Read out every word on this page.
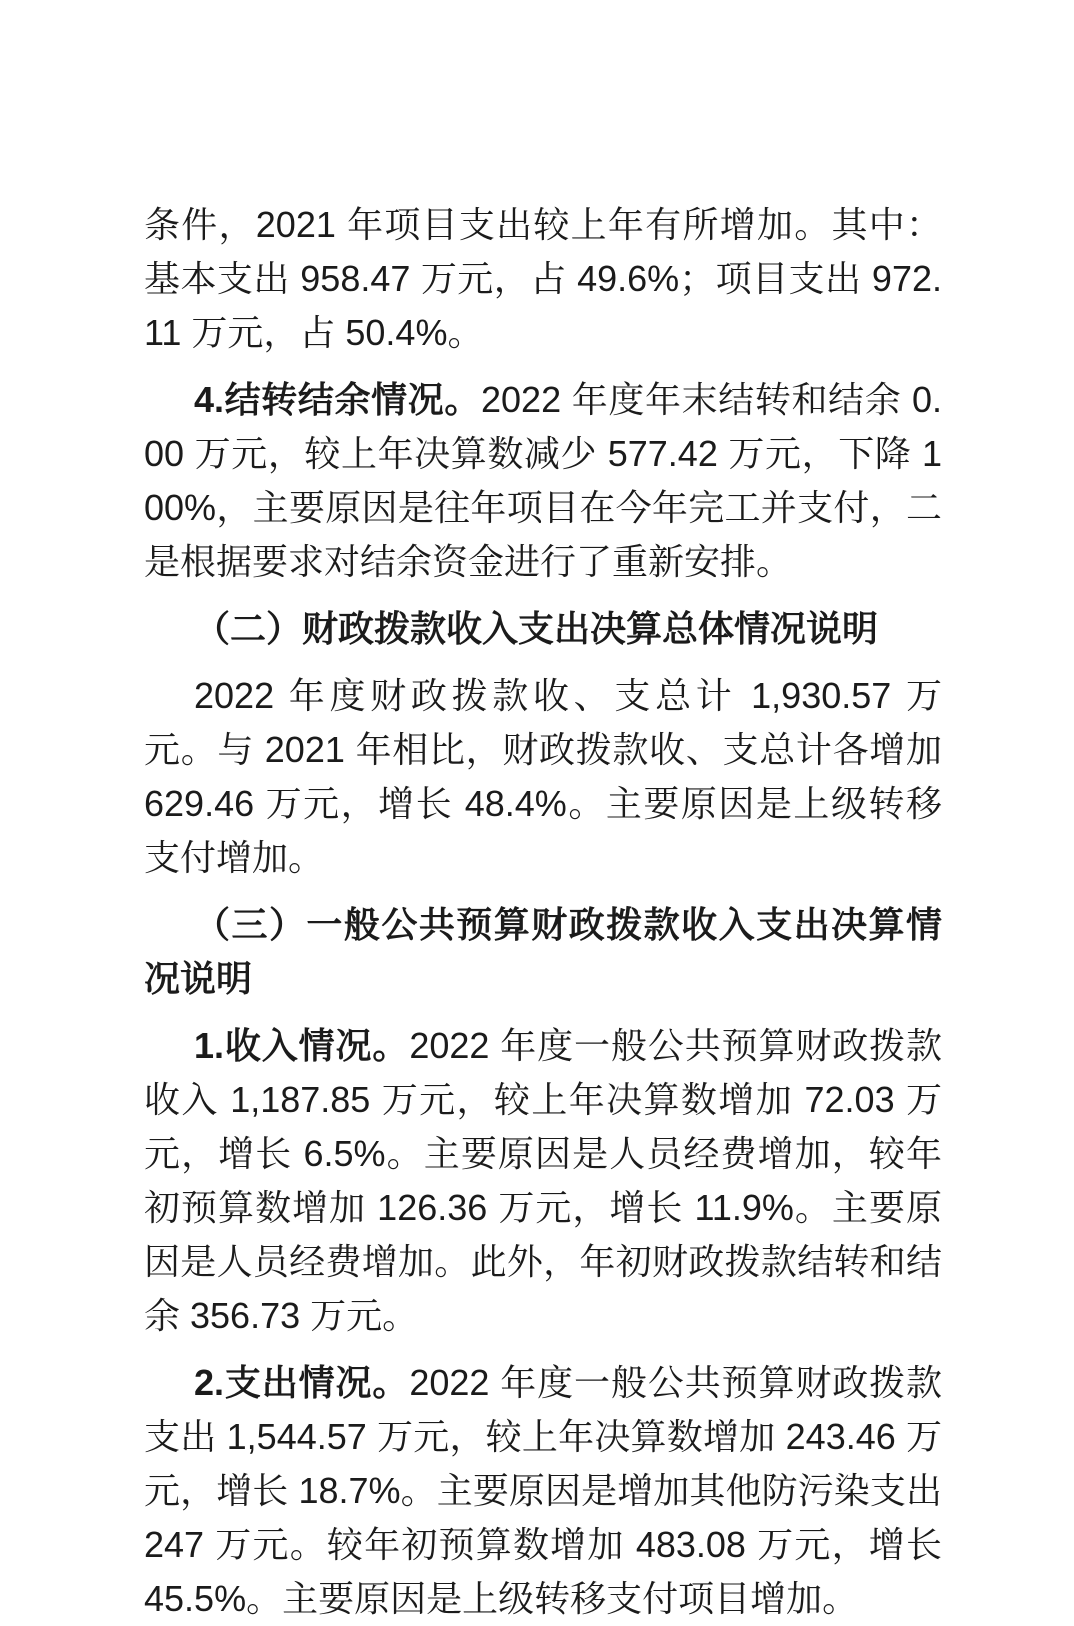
条件，2021 年项目支出较上年有所增加。其中：基本支出 958.47 万元，占 49.6%；项目支出 972.11 万元，占 50.4%。

4.结转结余情况。2022 年度年末结转和结余 0.00 万元，较上年决算数减少 577.42 万元，下降 100%，主要原因是往年项目在今年完工并支付，二是根据要求对结余资金进行了重新安排。

（二）财政拨款收入支出决算总体情况说明

2022 年度财政拨款收、支总计 1,930.57 万元。与 2021 年相比，财政拨款收、支总计各增加 629.46 万元，增长 48.4%。主要原因是上级转移支付增加。

（三）一般公共预算财政拨款收入支出决算情况说明

1.收入情况。2022 年度一般公共预算财政拨款收入 1,187.85 万元，较上年决算数增加 72.03 万元，增长 6.5%。主要原因是人员经费增加，较年初预算数增加 126.36 万元，增长 11.9%。主要原因是人员经费增加。此外，年初财政拨款结转和结余 356.73 万元。

2.支出情况。2022 年度一般公共预算财政拨款支出 1,544.57 万元，较上年决算数增加 243.46 万元，增长 18.7%。主要原因是增加其他防污染支出 247 万元。较年初预算数增加 483.08 万元，增长 45.5%。主要原因是上级转移支付项目增加。
